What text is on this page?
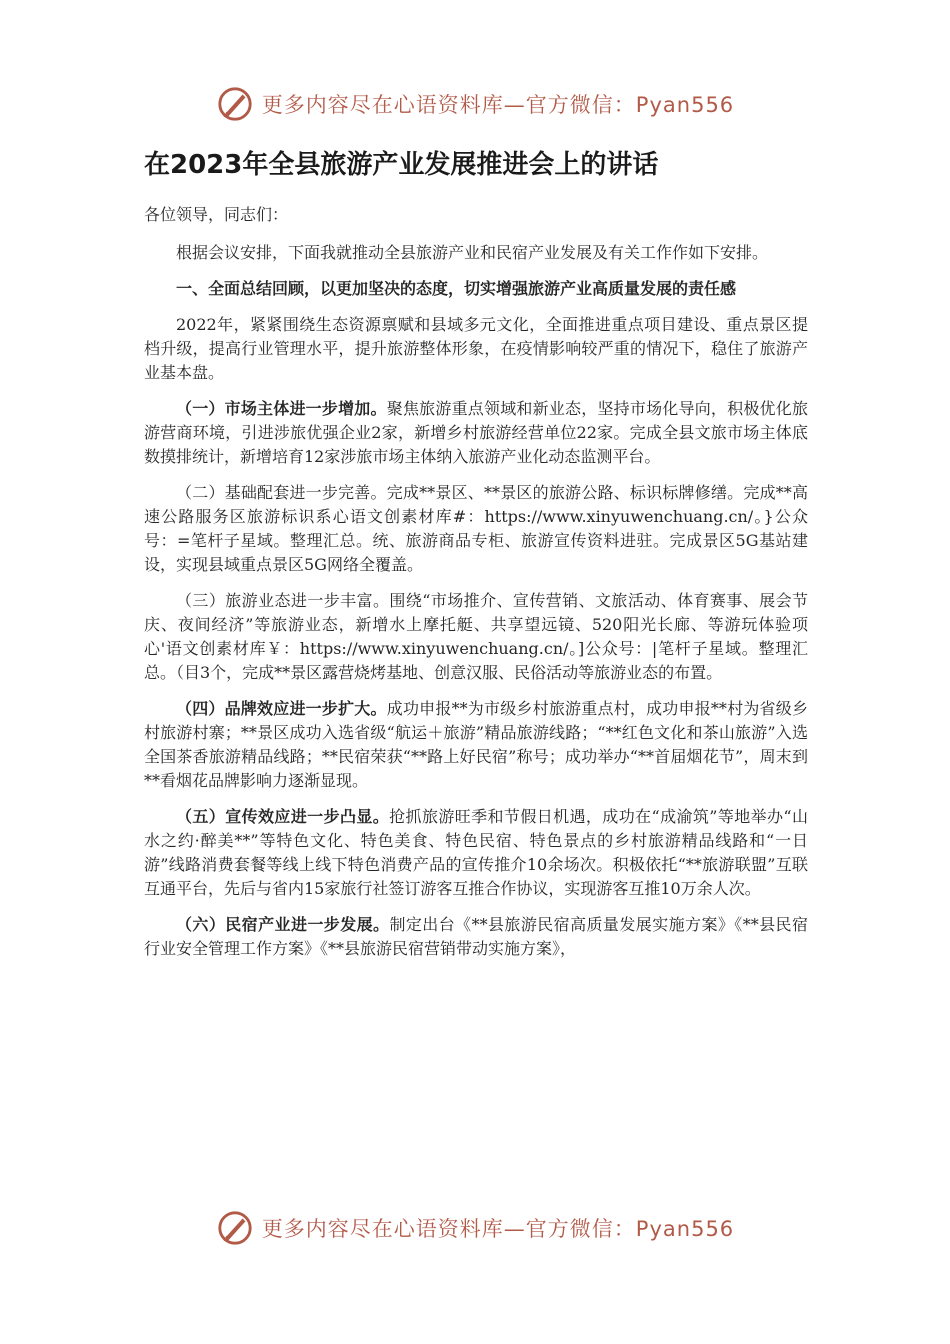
更多内容尽在心语资料库—官方微信：Pyan556
在2023年全县旅游产业发展推进会上的讲话

各位领导，同志们：

根据会议安排，下面我就推动全县旅游产业和民宿产业发展及有关工作作如下安排。

一、全面总结回顾，以更加坚决的态度，切实增强旅游产业高质量发展的责任感

2022年，紧紧围绕生态资源禀赋和县域多元文化，全面推进重点项目建设、重点景区提档升级，提高行业管理水平，提升旅游整体形象，在疫情影响较严重的情况下，稳住了旅游产业基本盘。

（一）市场主体进一步增加。聚焦旅游重点领域和新业态，坚持市场化导向，积极优化旅游营商环境，引进涉旅优强企业2家，新增乡村旅游经营单位22家。完成全县文旅市场主体底数摸排统计，新增培育12家涉旅市场主体纳入旅游产业化动态监测平台。

（二）基础配套进一步完善。完成**景区、**景区的旅游公路、标识标牌修缮。完成**高速公路服务区旅游标识系心语文创素材库#：https://www.xinyuwenchuang.cn/。}公众号：=笔杆子星域。整理汇总。统、旅游商品专柜、旅游宣传资料进驻。完成景区5G基站建设，实现县域重点景区5G网络全覆盖。

（三）旅游业态进一步丰富。围绕“市场推介、宣传营销、文旅活动、体育赛事、展会节庆、夜间经济”等旅游业态，新增水上摩托艇、共享望远镜、520阳光长廊、等游玩体验项心'语文创素材库￥：https://www.xinyuwenchuang.cn/。]公众号：|笔杆子星域。整理汇总。（目3个，完成**景区露营烧烤基地、创意汉服、民俗活动等旅游业态的布置。

（四）品牌效应进一步扩大。成功申报**为市级乡村旅游重点村，成功申报**村为省级乡村旅游村寨；**景区成功入选省级“航运＋旅游”精品旅游线路；“**红色文化和茶山旅游”入选全国茶香旅游精品线路；**民宿荣获“**路上好民宿”称号；成功举办“**首届烟花节”，周末到**看烟花品牌影响力逐渐显现。

（五）宣传效应进一步凸显。抢抓旅游旺季和节假日机遇，成功在“成渝筑”等地举办“山水之约·醉美**”等特色文化、特色美食、特色民宿、特色景点的乡村旅游精品线路和“一日游”线路消费套餐等线上线下特色消费产品的宣传推介10余场次。积极依托“**旅游联盟”互联互通平台，先后与省内15家旅行社签订游客互推合作协议，实现游客互推10万余人次。

（六）民宿产业进一步发展。制定出台《**县旅游民宿高质量发展实施方案》《**县民宿行业安全管理工作方案》《**县旅游民宿营销带动实施方案》，

更多内容尽在心语资料库—官方微信：Pyan556
